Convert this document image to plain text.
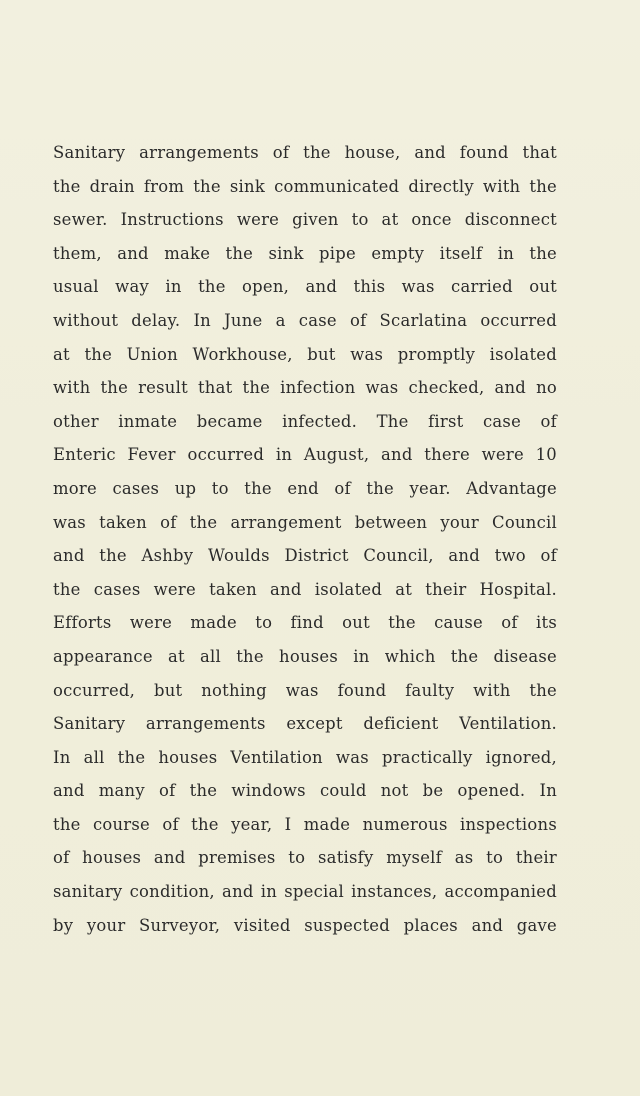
Sanitary arrangements of the house, and found that
the drain from the sink communicated directly with the
sewer. Instructions were given to at once disconnect
them, and make the sink pipe empty itself in the
usual way in the open, and this was carried out
without delay. In June a case of Scarlatina occurred
at the Union Workhouse, but was promptly isolated
with the result that the infection was checked, and no
other inmate became infected. The first case of
Enteric Fever occurred in August, and there were 10
more cases up to the end of the year. Advantage
was taken of the arrangement between your Council
and the Ashby Woulds District Council, and two of
the cases were taken and isolated at their Hospital.
Efforts were made to find out the cause of its
appearance at all the houses in which the disease
occurred, but nothing was found faulty with the
Sanitary arrangements except deficient Ventilation.
In all the houses Ventilation was practically ignored,
and many of the windows could not be opened. In
the course of the year, I made numerous inspections
of houses and premises to satisfy myself as to their
sanitary condition, and in special instances, accompanied
by your Surveyor, visited suspected places and gave
